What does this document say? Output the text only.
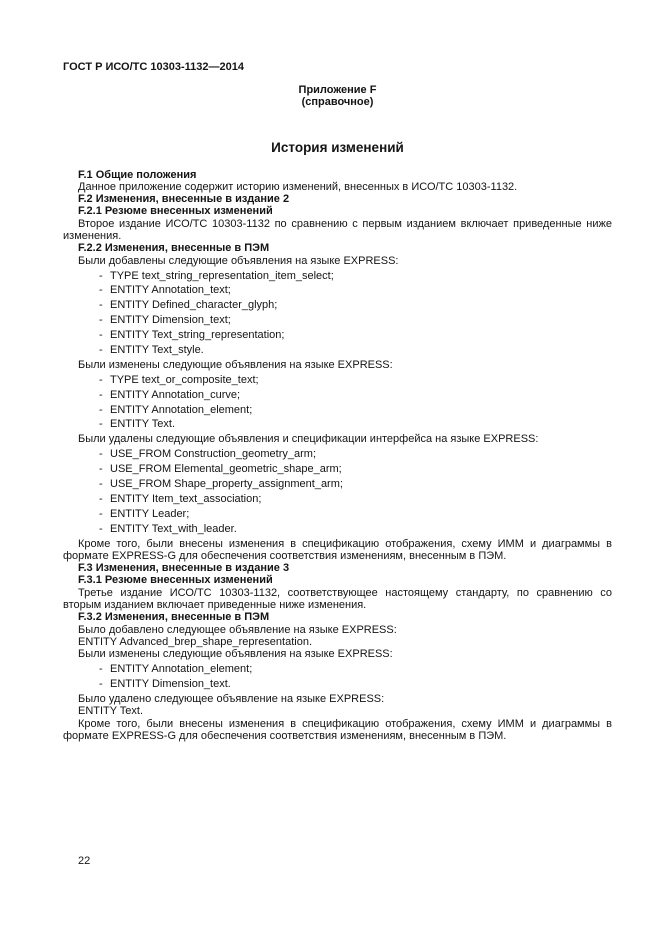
ГОСТ Р ИСО/ТС 10303-1132—2014

Приложение F

(справочное)

История изменений

F.1 Общие положения

Данное приложение содержит историю изменений, внесенных в ИСО/ТС 10303-1132.

F.2 Изменения, внесенные в издание 2

F.2.1 Резюме внесенных изменений

Второе издание ИСО/ТС 10303-1132 по сравнению с первым изданием включает приведенные ниже изменения.

F.2.2 Изменения, внесенные в ПЭМ

Были добавлены следующие объявления на языке EXPRESS:

- TYPE text_string_representation_item_select;
- ENTITY Annotation_text;
- ENTITY Defined_character_glyph;
- ENTITY Dimension_text;
- ENTITY Text_string_representation;
- ENTITY Text_style.

Были изменены следующие объявления на языке EXPRESS:

- TYPE text_or_composite_text;
- ENTITY Annotation_curve;
- ENTITY Annotation_element;
- ENTITY Text.

Были удалены следующие объявления и спецификации интерфейса на языке EXPRESS:

- USE_FROM Construction_geometry_arm;
- USE_FROM Elemental_geometric_shape_arm;
- USE_FROM Shape_property_assignment_arm;
- ENTITY Item_text_association;
- ENTITY Leader;
- ENTITY Text_with_leader.

Кроме того, были внесены изменения в спецификацию отображения, схему ИММ и диаграммы в формате EXPRESS-G для обеспечения соответствия изменениям, внесенным в ПЭМ.

F.3 Изменения, внесенные в издание 3

F.3.1 Резюме внесенных изменений

Третье издание ИСО/ТС 10303-1132, соответствующее настоящему стандарту, по сравнению со вторым изданием включает приведенные ниже изменения.

F.3.2 Изменения, внесенные в ПЭМ

Было добавлено следующее объявление на языке EXPRESS:

ENTITY Advanced_brep_shape_representation.

Были изменены следующие объявления на языке EXPRESS:

- ENTITY Annotation_element;
- ENTITY Dimension_text.

Было удалено следующее объявление на языке EXPRESS:

ENTITY Text.

Кроме того, были внесены изменения в спецификацию отображения, схему ИММ и диаграммы в формате EXPRESS-G для обеспечения соответствия изменениям, внесенным в ПЭМ.

22
